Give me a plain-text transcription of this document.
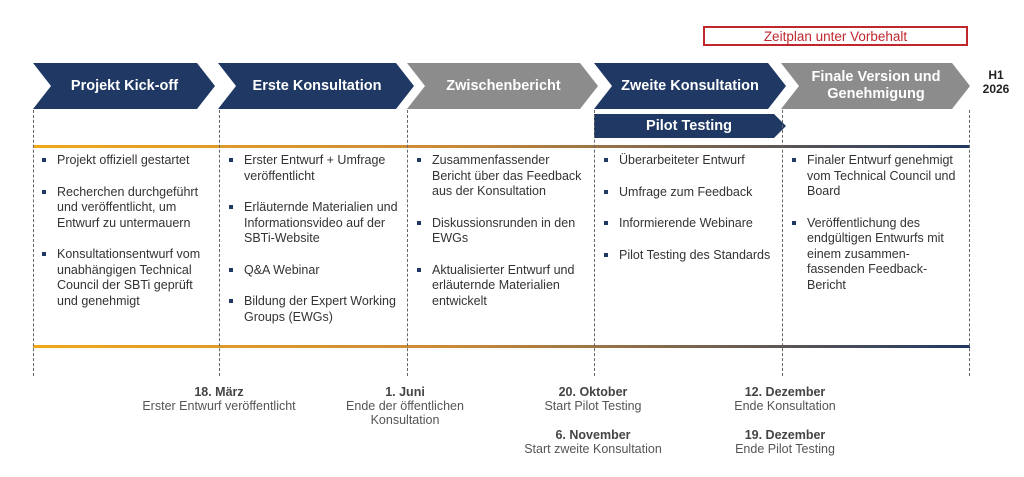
Zeitplan unter Vorbehalt
H1
2026
Projekt Kick-off	Erste Konsultation	Zwischenbericht	Zweite Konsultation
Finale Version und Genehmigung
Pilot Testing
Projekt offiziell gestartet
Recherchen durchgeführt und veröffentlicht, um Entwurf zu untermauern
Konsultationsentwurf vom unabhängigen Technical Council der SBTi geprüft und genehmigt
Erster Entwurf + Umfrage veröffentlicht
Erläuternde Materialien und Informationsvideo auf der SBTi-Website
Q&A Webinar
Bildung der Expert Working Groups (EWGs)
Zusammenfassender Bericht über das Feedback aus der Konsultation
Diskussionsrunden in den EWGs
Aktualisierter Entwurf und erläuternde Materialien entwickelt
Überarbeiteter Entwurf
Umfrage zum Feedback
Informierende Webinare
Pilot Testing des Standards
Finaler Entwurf genehmigt vom Technical Council und Board
Veröffentlichung des endgültigen Entwurfs mit einem zusammen-fassenden Feedback-Bericht
18. März
Erster Entwurf veröffentlicht
1. Juni
Ende der öffentlichen Konsultation
20. Oktober
Start Pilot Testing
6. November
Start zweite Konsultation
12. Dezember
Ende Konsultation
19. Dezember
Ende Pilot Testing
